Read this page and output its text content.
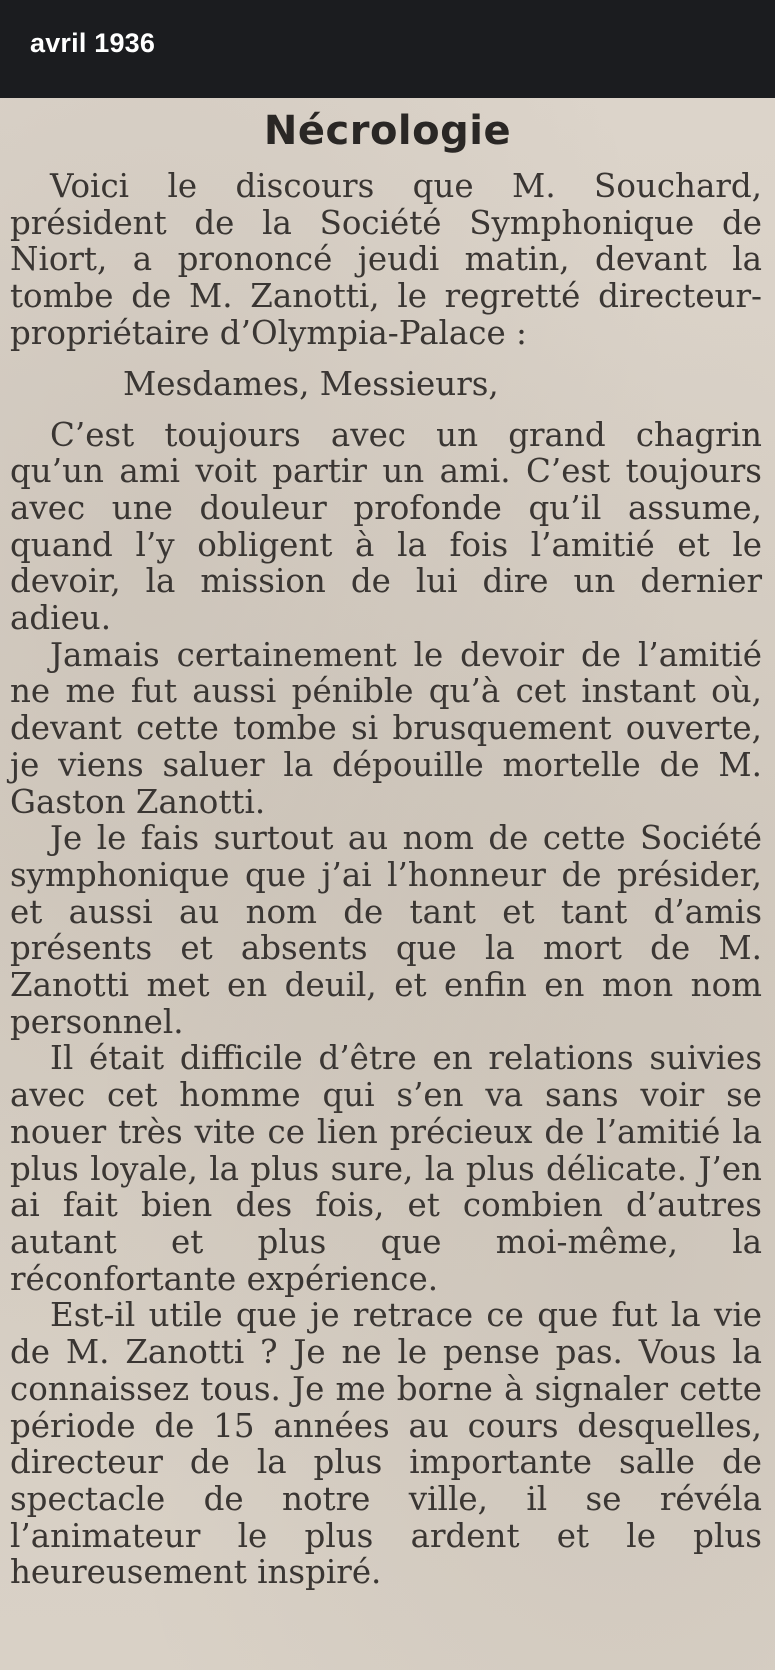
avril 1936
Nécrologie

Voici le discours que M. Souchard, président de la Société Symphonique de Niort, a prononcé jeudi matin, devant la tombe de M. Zanotti, le regretté directeur-propriétaire d’Olympia-Palace :

Mesdames, Messieurs,

C’est toujours avec un grand chagrin qu’un ami voit partir un ami. C’est toujours avec une douleur profonde qu’il assume, quand l’y obligent à la fois l’amitié et le devoir, la mission de lui dire un dernier adieu.

Jamais certainement le devoir de l’amitié ne me fut aussi pénible qu’à cet instant où, devant cette tombe si brusquement ouverte, je viens saluer la dépouille mortelle de M. Gaston Zanotti.

Je le fais surtout au nom de cette Société symphonique que j’ai l’honneur de présider, et aussi au nom de tant et tant d’amis présents et absents que la mort de M. Zanotti met en deuil, et enfin en mon nom personnel.

Il était difficile d’être en relations suivies avec cet homme qui s’en va sans voir se nouer très vite ce lien précieux de l’amitié la plus loyale, la plus sure, la plus délicate. J’en ai fait bien des fois, et combien d’autres autant et plus que moi-même, la réconfortante expérience.

Est-il utile que je retrace ce que fut la vie de M. Zanotti ? Je ne le pense pas. Vous la connaissez tous. Je me borne à signaler cette période de 15 années au cours desquelles, directeur de la plus importante salle de spectacle de notre ville, il se révéla l’animateur le plus ardent et le plus heureusement inspiré.
